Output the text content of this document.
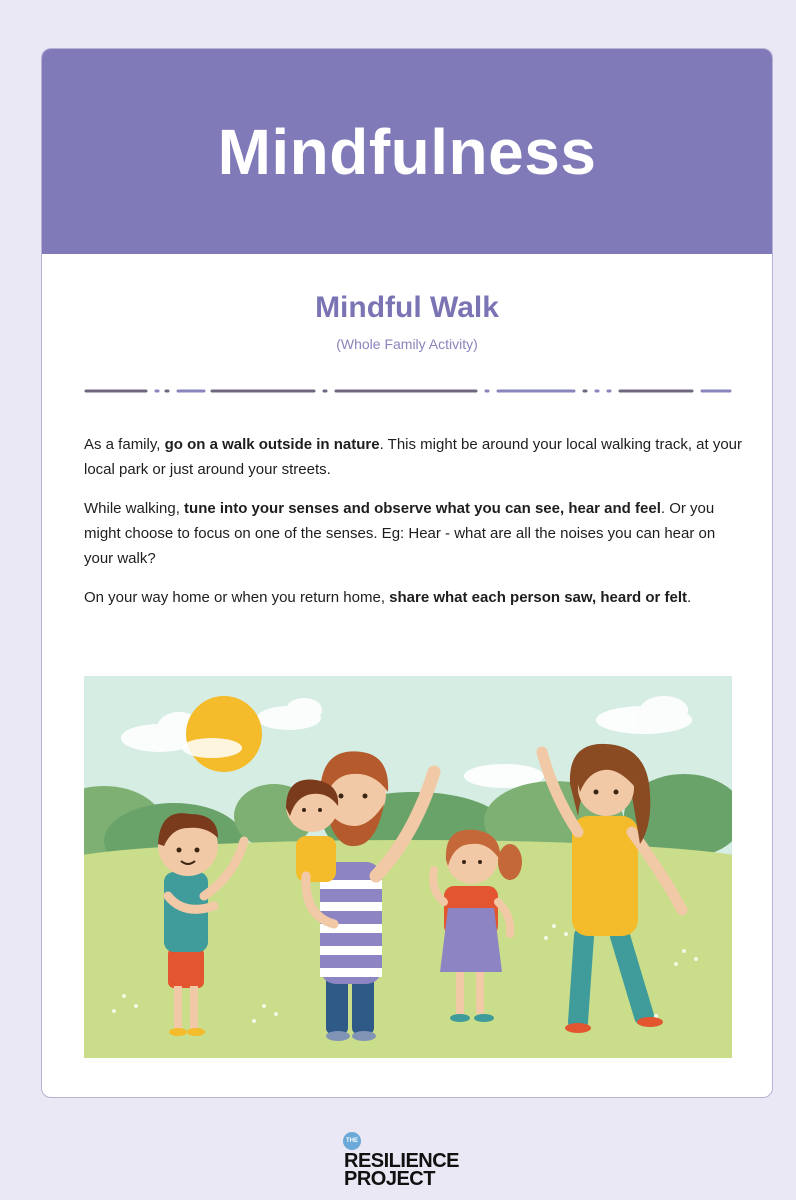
Mindfulness
Mindful Walk

(Whole Family Activity)

As a family, go on a walk outside in nature. This might be around your local walking track, at your local park or just around your streets.

While walking, tune into your senses and observe what you can see, hear and feel. Or you might choose to focus on one of the senses. Eg: Hear - what are all the noises you can hear on your walk?

On your way home or when you return home, share what each person saw, heard or felt.

THE
RESILIENCE
PROJECT
